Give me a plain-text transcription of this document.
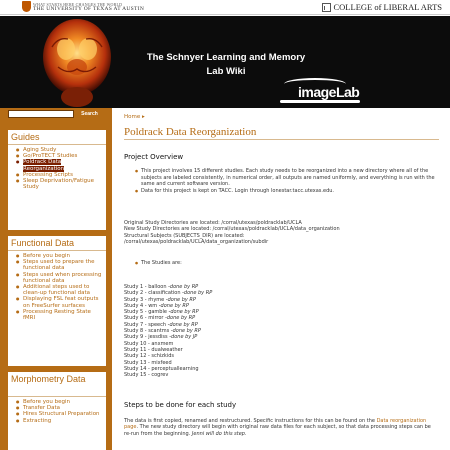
WHAT STARTS HERE CHANGES THE WORLD
THE UNIVERSITY OF TEXAS AT AUSTIN	COLLEGE of LIBERAL ARTS
The Schnyer Learning and Memory
Lab Wiki
imageLab
Search
Guides
● Aging Study
● Go/ProTECT Studies
● Poldrack Data Reorganization
● Processing Scripts
● Sleep Deprivation/Fatigue Study
Functional Data
● Before you begin
● Steps used to prepare the functional data
● Steps used when processing functional data
● Additional steps used to clean-up functional data
● Displaying FSL feat outputs on FreeSurfer surfaces
● Processing Resting State fMRI
Morphometry Data
● Before you begin
● Transfer Data
● Hires Structural Preparation
● Extracting
Home ▸
Poldrack Data Reorganization
Project Overview
● This project involves 15 different studies. Each study needs to be reorganized into a new directory where all of the subjects are labeled consistently, in numerical order, all outputs are named uniformly, and everything is run with the same and current software version.
● Data for this project is kept on TACC. Login through lonestar.tacc.utexas.edu.
Original Study Directories are located: /corral/utexas/poldracklab/UCLA
New Study Directories are located: /corral/utexas/poldracklab/UCLA/data_organization
Structural Subjects (SUBJECTS_DIR) are located:
/corral/utexas/poldracklab/UCLA/data_organization/subdir
● The Studies are:
Study 1 - balloon -done by RP
Study 2 - classification -done by RP
Study 3 - rhyme -done by RP
Study 4 - wm -done by RP
Study 5 - gamble -done by RP
Study 6 - mirror -done by RP
Study 7 - speech -done by RP
Study 8 - scantms -done by RP
Study 9 - jessdiss -done by JP
Study 10 - anxmem
Study 11 - dualweather
Study 12 - schizkids
Study 13 - mixfeed
Study 14 - perceptuallearning
Study 15 - cogrev
Steps to be done for each study
The data is first copied, renamed and restructured. Specific instructions for this can be found on the Data reorganization page. The new study directory will begin with original raw data files for each subject, so that data processing steps can be re-run from the beginning. Jenni will do this step.
